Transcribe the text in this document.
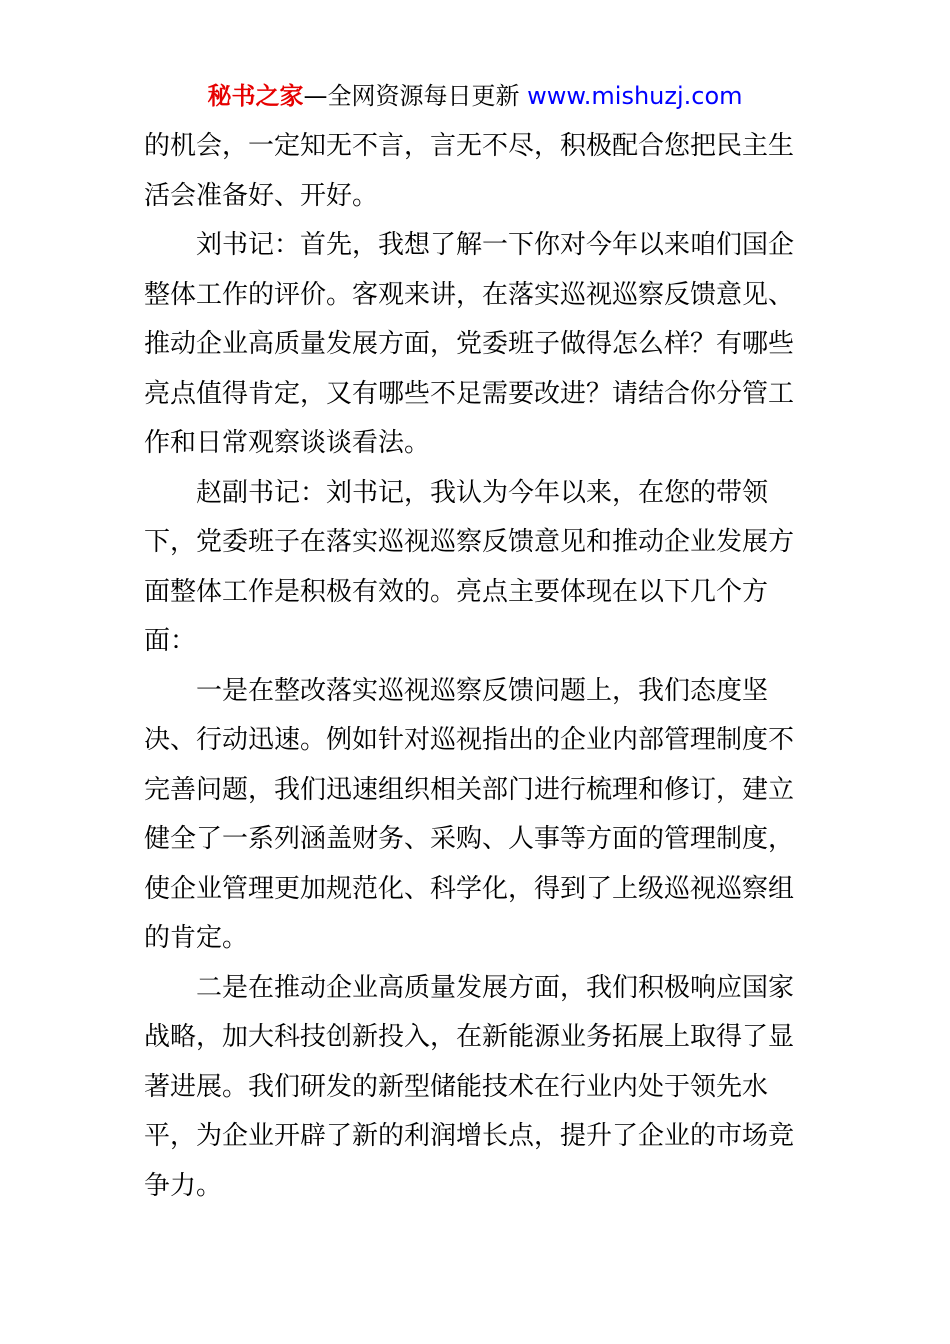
秘书之家—全网资源每日更新 www.mishuzj.com
的机会，一定知无不言，言无不尽，积极配合您把民主生
活会准备好、开好。
刘书记：首先，我想了解一下你对今年以来咱们国企
整体工作的评价。客观来讲，在落实巡视巡察反馈意见、
推动企业高质量发展方面，党委班子做得怎么样？有哪些
亮点值得肯定，又有哪些不足需要改进？请结合你分管工
作和日常观察谈谈看法。
赵副书记：刘书记，我认为今年以来，在您的带领
下，党委班子在落实巡视巡察反馈意见和推动企业发展方
面整体工作是积极有效的。亮点主要体现在以下几个方
面：
一是在整改落实巡视巡察反馈问题上，我们态度坚
决、行动迅速。例如针对巡视指出的企业内部管理制度不
完善问题，我们迅速组织相关部门进行梳理和修订，建立
健全了一系列涵盖财务、采购、人事等方面的管理制度，
使企业管理更加规范化、科学化，得到了上级巡视巡察组
的肯定。
二是在推动企业高质量发展方面，我们积极响应国家
战略，加大科技创新投入，在新能源业务拓展上取得了显
著进展。我们研发的新型储能技术在行业内处于领先水
平，为企业开辟了新的利润增长点，提升了企业的市场竞
争力。
